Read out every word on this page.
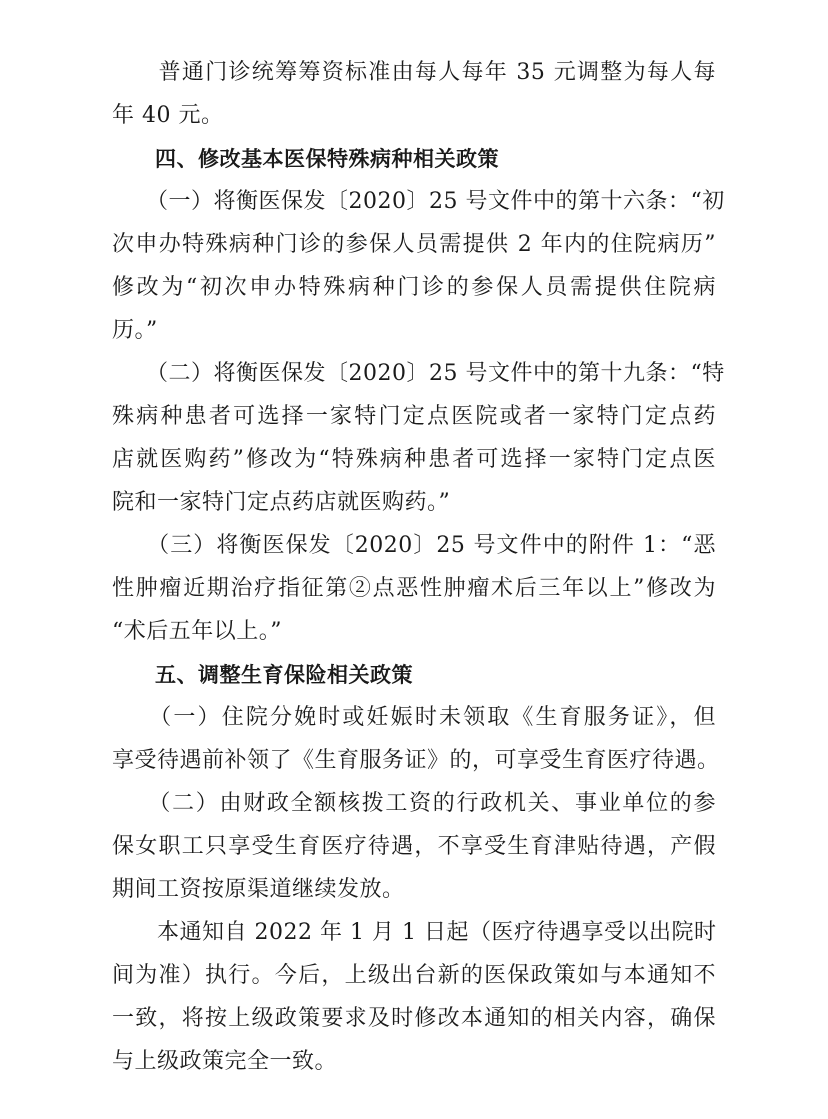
　　普通门诊统筹筹资标准由每人每年 35 元调整为每人每
年 40 元。
　　四、修改基本医保特殊病种相关政策
　　（一）将衡医保发〔2020〕25 号文件中的第十六条：“初
次申办特殊病种门诊的参保人员需提供 2 年内的住院病历”
修改为“初次申办特殊病种门诊的参保人员需提供住院病
历。”
　　（二）将衡医保发〔2020〕25 号文件中的第十九条：“特
殊病种患者可选择一家特门定点医院或者一家特门定点药
店就医购药”修改为“特殊病种患者可选择一家特门定点医
院和一家特门定点药店就医购药。”
　　（三）将衡医保发〔2020〕25 号文件中的附件 1：“恶
性肿瘤近期治疗指征第②点恶性肿瘤术后三年以上”修改为
“术后五年以上。”
　　五、调整生育保险相关政策
　　（一）住院分娩时或妊娠时未领取《生育服务证》，但
享受待遇前补领了《生育服务证》的，可享受生育医疗待遇。
　　（二）由财政全额核拨工资的行政机关、事业单位的参
保女职工只享受生育医疗待遇，不享受生育津贴待遇，产假
期间工资按原渠道继续发放。
　　本通知自 2022 年 1 月 1 日起（医疗待遇享受以出院时
间为准）执行。今后，上级出台新的医保政策如与本通知不
一致，将按上级政策要求及时修改本通知的相关内容，确保
与上级政策完全一致。
